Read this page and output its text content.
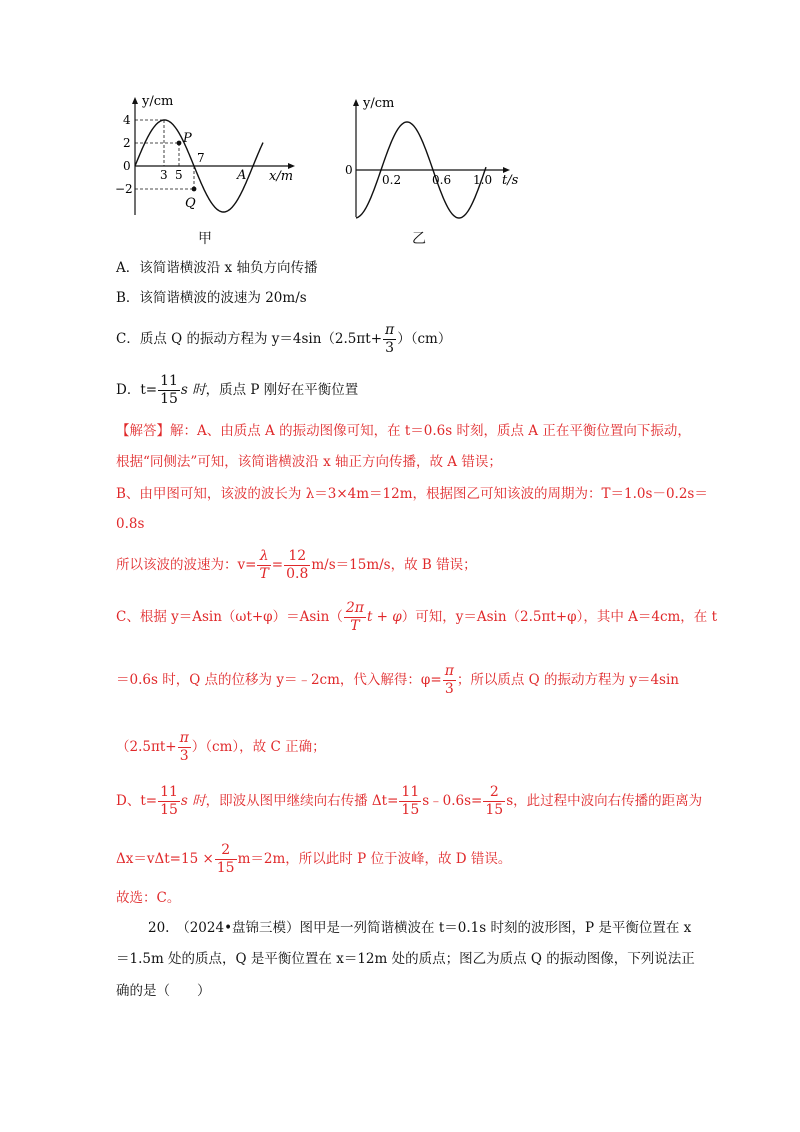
y/cm
x/m
4
2
0
−2
3 5
7
P
Q
A
甲
y/cm
t/s
0
0.2	0.6 1.0
乙
A．该简谐横波沿 x 轴负方向传播
B．该简谐横波的波速为 20m/s
C．质点 Q 的振动方程为 $y=4\sin(2.5\pi t+ \frac{\pi}{3} )(cm)$
D．$t= \frac{11}{15}$ s 时，质点 P 刚好在平衡位置
【解答】解：A、由质点 A 的振动图像可知，在 t＝0.6s 时刻，质点 A 正在平衡位置向下振动，
根据“同侧法”可知，该简谐横波沿 x 轴正方向传播，故 A 错误；
B、由甲图可知，该波的波长为 λ＝3×4m＝12m，根据图乙可知该波的周期为：T＝1.0s－0.2s＝
0.8s
所以该波的波速为：$v= \frac{\lambda}{T} = \frac{12}{0.8} m/s=15m/s$，故 B 错误；
C、根据 $y=Asin(\omega t+\varphi)=Asin( \frac{2\pi}{T}$ t + φ）可知，y＝Asin（2.5πt+φ），其中 A＝4cm，在 t
＝0.6s 时，Q 点的位移为 y＝﹣2cm，代入解得：$\varphi= \frac{\pi}{3}$ ；所以质点 Q 的振动方程为 y＝4sin
$(2.5\pi t+ \frac{\pi}{3} )(cm)$，故 C 正确；
D、$t= \frac{11}{15}$ s 时，即波从图甲继续向右传播 $\Delta t= \frac{11}{15}$ s﹣0.6s= $\frac{2}{15}$ s，此过程中波向右传播的距离为
$\Delta x=v\Delta t=15 \times \frac{2}{15} m=2m$，所以此时 P 位于波峰，故 D 错误。
故选：C。
20.　（2024•盘锦三模）图甲是一列简谐横波在 t＝0.1s 时刻的波形图，P 是平衡位置在 x
＝1.5m 处的质点，Q 是平衡位置在 x＝12m 处的质点；图乙为质点 Q 的振动图像，下列说法正
确的是（　　）
